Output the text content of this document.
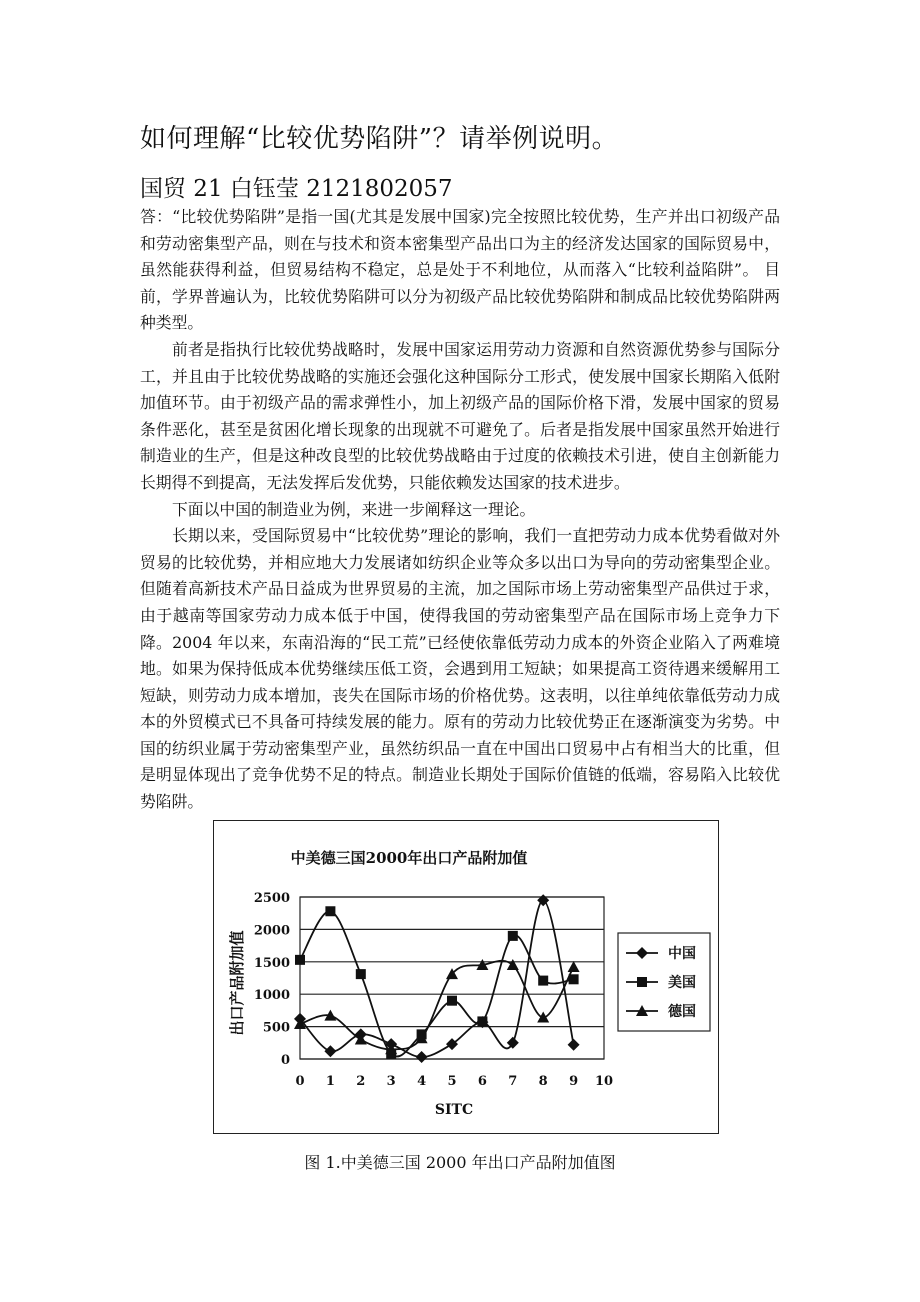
如何理解“比较优势陷阱”？请举例说明。
国贸 21 白钰莹 2121802057

答：“比较优势陷阱”是指一国(尤其是发展中国家)完全按照比较优势，生产并出口初级产品和劳动密集型产品，则在与技术和资本密集型产品出口为主的经济发达国家的国际贸易中，虽然能获得利益，但贸易结构不稳定，总是处于不利地位，从而落入“比较利益陷阱”。 目前，学界普遍认为，比较优势陷阱可以分为初级产品比较优势陷阱和制成品比较优势陷阱两种类型。

前者是指执行比较优势战略时，发展中国家运用劳动力资源和自然资源优势参与国际分工，并且由于比较优势战略的实施还会强化这种国际分工形式，使发展中国家长期陷入低附加值环节。由于初级产品的需求弹性小，加上初级产品的国际价格下滑，发展中国家的贸易条件恶化，甚至是贫困化增长现象的出现就不可避免了。后者是指发展中国家虽然开始进行制造业的生产，但是这种改良型的比较优势战略由于过度的依赖技术引进，使自主创新能力长期得不到提高，无法发挥后发优势，只能依赖发达国家的技术进步。

下面以中国的制造业为例，来进一步阐释这一理论。

长期以来，受国际贸易中“比较优势”理论的影响，我们一直把劳动力成本优势看做对外贸易的比较优势，并相应地大力发展诸如纺织企业等众多以出口为导向的劳动密集型企业。但随着高新技术产品日益成为世界贸易的主流，加之国际市场上劳动密集型产品供过于求，由于越南等国家劳动力成本低于中国，使得我国的劳动密集型产品在国际市场上竞争力下降。2004 年以来，东南沿海的“民工荒”已经使依靠低劳动力成本的外资企业陷入了两难境地。如果为保持低成本优势继续压低工资，会遇到用工短缺；如果提高工资待遇来缓解用工短缺，则劳动力成本增加，丧失在国际市场的价格优势。这表明，以往单纯依靠低劳动力成本的外贸模式已不具备可持续发展的能力。原有的劳动力比较优势正在逐渐演变为劣势。中国的纺织业属于劳动密集型产业，虽然纺织品一直在中国出口贸易中占有相当大的比重，但是明显体现出了竞争优势不足的特点。制造业长期处于国际价值链的低端，容易陷入比较优势陷阱。

中美德三国2000年出口产品附加值
出口产品附加值
SITC
0
500
1000
1500
2000
2500
0 1 2 3 4 5 6 7 8 9 10
中国
美国
德国
图 1.中美德三国 2000 年出口产品附加值图
